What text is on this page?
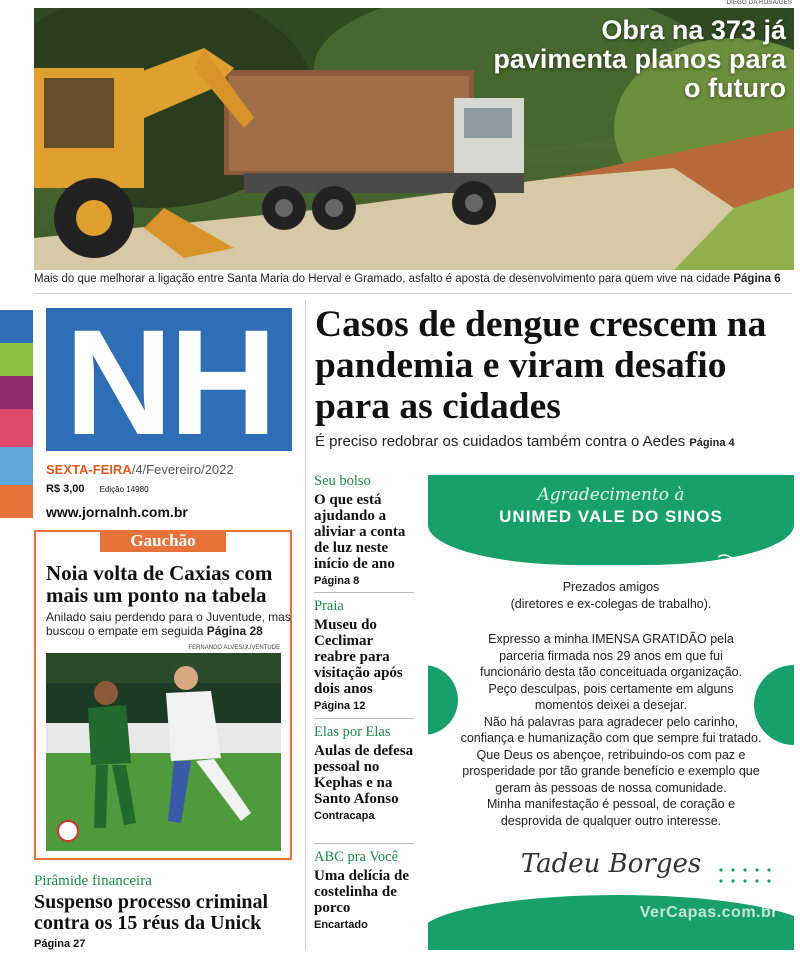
DIEGO DA ROSA/GES
Obra na 373 já pavimenta planos para o futuro
Mais do que melhorar a ligação entre Santa Maria do Herval e Gramado, asfalto é aposta de desenvolvimento para quem vive na cidade Página 6
NH
SEXTA-FEIRA/4/Fevereiro/2022
R$ 3,00 Edição 14980
www.jornalnh.com.br
Gauchão
Noia volta de Caxias com mais um ponto na tabela
Anilado saiu perdendo para o Juventude, mas buscou o empate em seguida Página 28
FERNANDO ALVES/JUVENTUDE
Pirâmide financeira
Suspenso processo criminal contra os 15 réus da Unick
Página 27
Casos de dengue crescem na pandemia e viram desafio para as cidades
É preciso redobrar os cuidados também contra o Aedes Página 4
Seu bolso
O que está ajudando a aliviar a conta de luz neste início de ano
Página 8
Praia
Museu do Ceclimar reabre para visitação após dois anos
Página 12
Elas por Elas
Aulas de defesa pessoal no Kephas e na Santo Afonso
Contracapa
ABC pra Você
Uma delícia de costelinha de porco
Encartado
Agradecimento à
UNIMED VALE DO SINOS
Prezados amigos
(diretores e ex-colegas de trabalho).
Expresso a minha IMENSA GRATIDÃO pela
parceria firmada nos 29 anos em que fui
funcionário desta tão conceituada organização.
Peço desculpas, pois certamente em alguns
momentos deixei a desejar.
Não há palavras para agradecer pelo carinho,
confiança e humanização com que sempre fui tratado.
Que Deus os abençoe, retribuindo-os com paz e
prosperidade por tão grande benefício e exemplo que
geram às pessoas de nossa comunidade.
Minha manifestação é pessoal, de coração e
desprovida de qualquer outro interesse.
Tadeu Borges
VerCapas.com.br
